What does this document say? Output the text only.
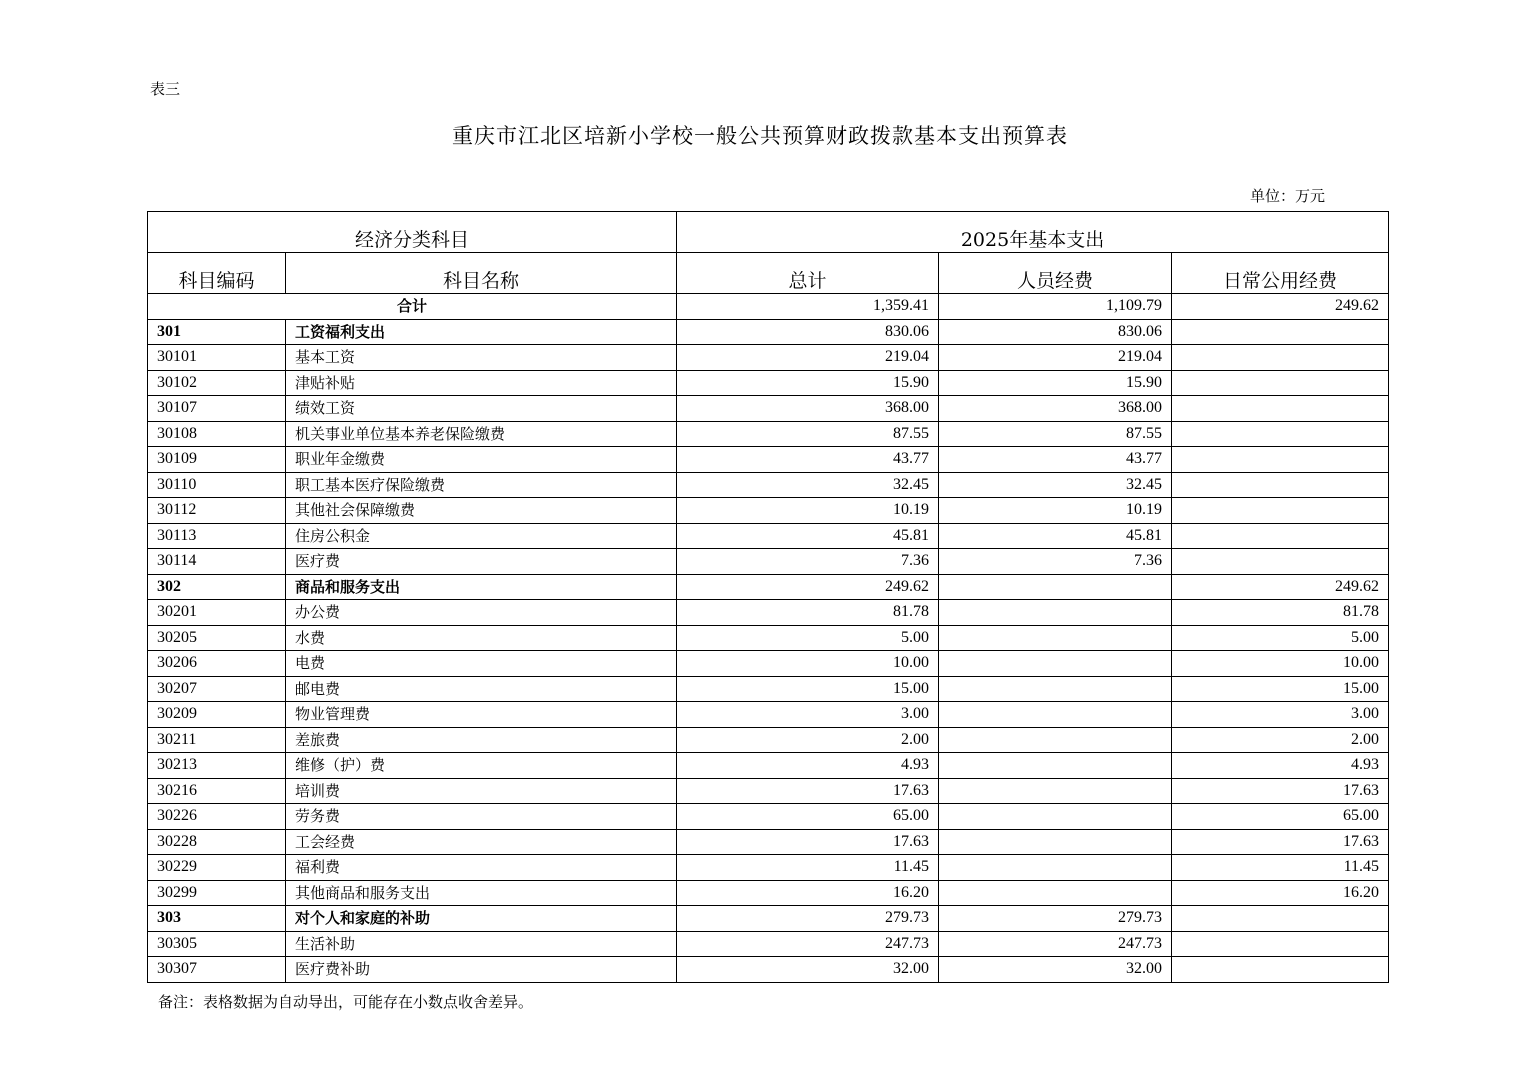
表三
重庆市江北区培新小学校一般公共预算财政拨款基本支出预算表
单位：万元
经济分类科目		2025年基本支出		
科目编码	科目名称	总计	人员经费	日常公用经费
合计		1,359.41	1,109.79	249.62
301	工资福利支出	830.06	830.06	
30101	基本工资	219.04	219.04	
30102	津贴补贴	15.90	15.90	
30107	绩效工资	368.00	368.00	
30108	机关事业单位基本养老保险缴费	87.55	87.55	
30109	职业年金缴费	43.77	43.77	
30110	职工基本医疗保险缴费	32.45	32.45	
30112	其他社会保障缴费	10.19	10.19	
30113	住房公积金	45.81	45.81	
30114	医疗费	7.36	7.36	
302	商品和服务支出	249.62		249.62
30201	办公费	81.78		81.78
30205	水费	5.00		5.00
30206	电费	10.00		10.00
30207	邮电费	15.00		15.00
30209	物业管理费	3.00		3.00
30211	差旅费	2.00		2.00
30213	维修（护）费	4.93		4.93
30216	培训费	17.63		17.63
30226	劳务费	65.00		65.00
30228	工会经费	17.63		17.63
30229	福利费	11.45		11.45
30299	其他商品和服务支出	16.20		16.20
303	对个人和家庭的补助	279.73	279.73	
30305	生活补助	247.73	247.73	
30307	医疗费补助	32.00	32.00	
备注：表格数据为自动导出，可能存在小数点收舍差异。
